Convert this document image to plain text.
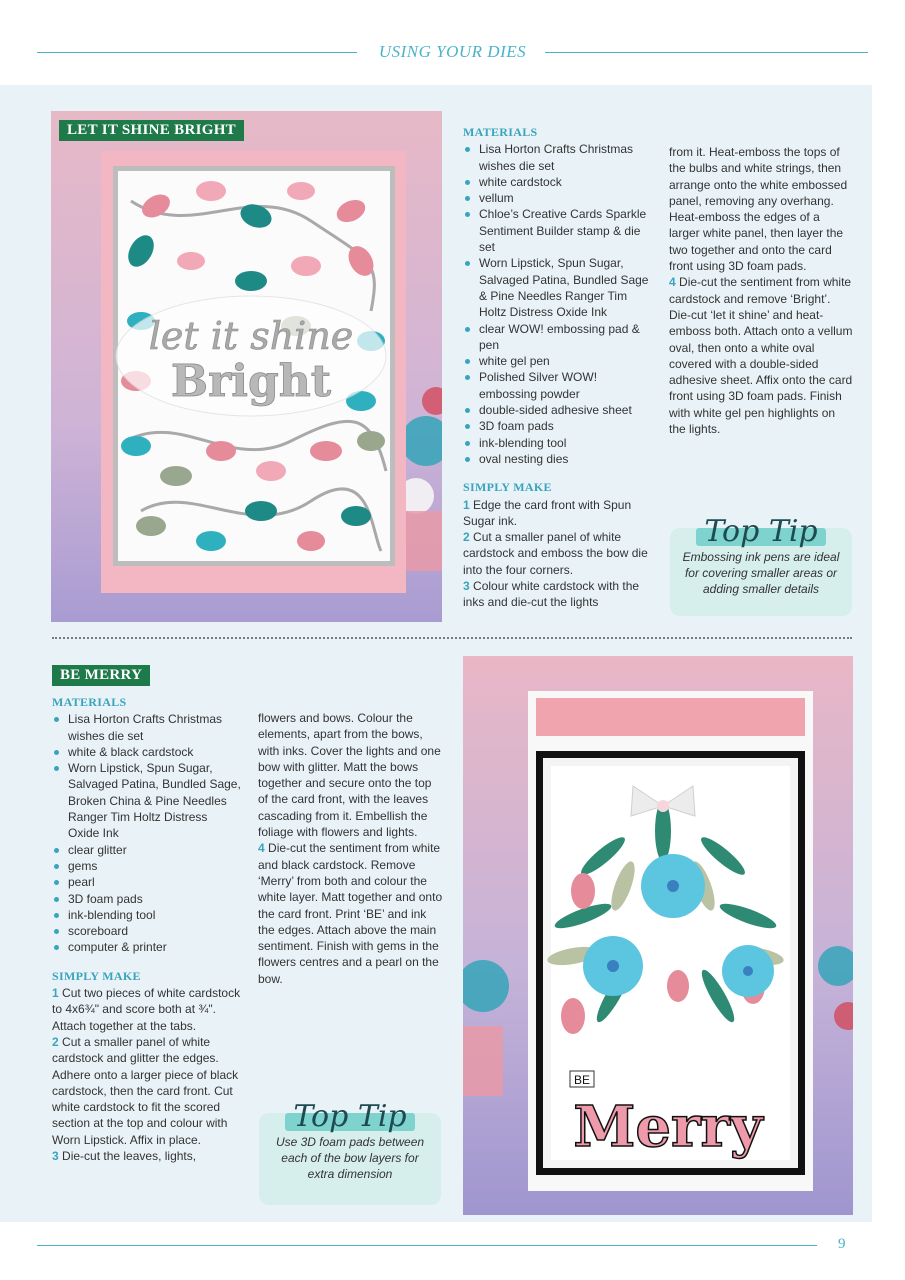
USING YOUR DIES
let it shine
Bright
LET IT SHINE BRIGHT	MATERIALS
Lisa Horton Crafts Christmas wishes die set
white cardstock
vellum
Chloe’s Creative Cards Sparkle Sentiment Builder stamp & die set
Worn Lipstick, Spun Sugar, Salvaged Patina, Bundled Sage & Pine Needles Ranger Tim Holtz Distress Oxide Ink
clear WOW! embossing pad & pen
white gel pen
Polished Silver WOW! embossing powder
double-sided adhesive sheet
3D foam pads
ink-blending tool
oval nesting dies
SIMPLY MAKE

1 Edge the card front with Spun Sugar ink.

2 Cut a smaller panel of white cardstock and emboss the bow die into the four corners.

3 Colour white cardstock with the inks and die-cut the lights

from it. Heat-emboss the tops of the bulbs and white strings, then arrange onto the white embossed panel, removing any overhang. Heat-emboss the edges of a larger white panel, then layer the two together and onto the card front using 3D foam pads.

4 Die-cut the sentiment from white cardstock and remove ‘Bright’. Die-cut ‘let it shine’ and heat-emboss both. Attach onto a vellum oval, then onto a white oval covered with a double-sided adhesive sheet. Affix onto the card front using 3D foam pads. Finish with white gel pen highlights on the lights.

Top Tip
Embossing ink pens are ideal for covering smaller areas or adding smaller details
BE MERRY
MATERIALS
Lisa Horton Crafts Christmas wishes die set
white & black cardstock
Worn Lipstick, Spun Sugar, Salvaged Patina, Bundled Sage, Broken China & Pine Needles Ranger Tim Holtz Distress Oxide Ink
clear glitter
gems
pearl
3D foam pads
ink-blending tool
scoreboard
computer & printer
SIMPLY MAKE

1 Cut two pieces of white cardstock to 4x6¾" and score both at ¾". Attach together at the tabs.

2 Cut a smaller panel of white cardstock and glitter the edges. Adhere onto a larger piece of black cardstock, then the card front. Cut white cardstock to fit the scored section at the top and colour with Worn Lipstick. Affix in place.

3 Die-cut the leaves, lights,

flowers and bows. Colour the elements, apart from the bows, with inks. Cover the lights and one bow with glitter. Matt the bows together and secure onto the top of the card front, with the leaves cascading from it. Embellish the foliage with flowers and lights.

4 Die-cut the sentiment from white and black cardstock. Remove ‘Merry’ from both and colour the white layer. Matt together and onto the card front. Print ‘BE’ and ink the edges. Attach above the main sentiment. Finish with gems in the flowers centres and a pearl on the bow.

Top Tip
Use 3D foam pads between each of the bow layers for extra dimension
BE
Merry
9
